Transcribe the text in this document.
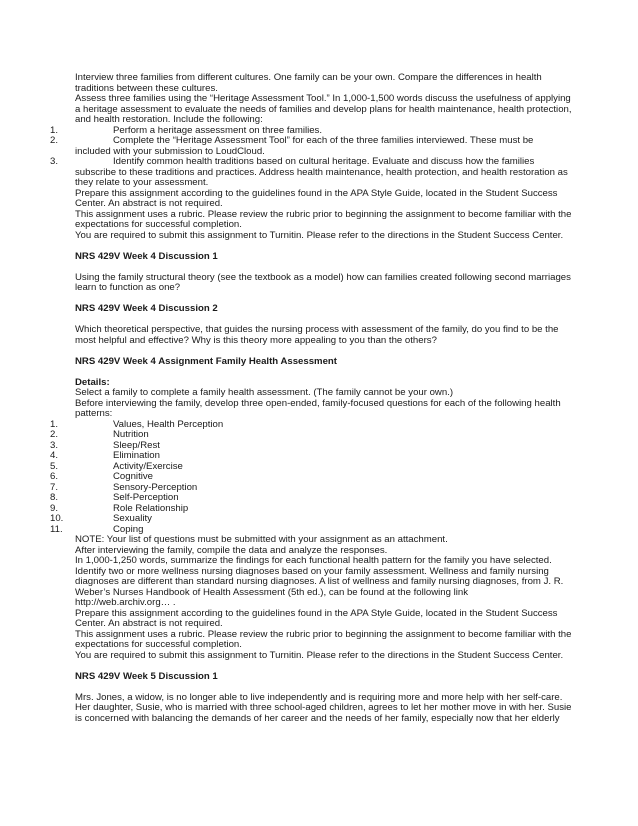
Interview three families from different cultures. One family can be your own. Compare the differences in health traditions between these cultures.

Assess three families using the “Heritage Assessment Tool.” In 1,000-1,500 words discuss the usefulness of applying a heritage assessment to evaluate the needs of families and develop plans for health maintenance, health protection, and health restoration. Include the following:

1.	Perform a heritage assessment on three families.
2.	Complete the “Heritage Assessment Tool” for each of the three families interviewed. These must be
included with your submission to LoudCloud.
3.	Identify common health traditions based on cultural heritage. Evaluate and discuss how the families
subscribe to these traditions and practices. Address health maintenance, health protection, and health restoration as they relate to your assessment.

Prepare this assignment according to the guidelines found in the APA Style Guide, located in the Student Success Center. An abstract is not required.

This assignment uses a rubric. Please review the rubric prior to beginning the assignment to become familiar with the expectations for successful completion.

You are required to submit this assignment to Turnitin. Please refer to the directions in the Student Success Center.

NRS 429V Week 4 Discussion 1

Using the family structural theory (see the textbook as a model) how can families created following second marriages learn to function as one?

NRS 429V Week 4 Discussion 2

Which theoretical perspective, that guides the nursing process with assessment of the family, do you find to be the most helpful and effective? Why is this theory more appealing to you than the others?

NRS 429V Week 4 Assignment Family Health Assessment

Details:

Select a family to complete a family health assessment. (The family cannot be your own.)

Before interviewing the family, develop three open-ended, family-focused questions for each of the following health patterns:

1.	Values, Health Perception
2.	Nutrition
3.	Sleep/Rest
4.	Elimination
5.	Activity/Exercise
6.	Cognitive
7.	Sensory-Perception
8.	Self-Perception
9.	Role Relationship
10.	Sexuality
11.	Coping

NOTE: Your list of questions must be submitted with your assignment as an attachment.

After interviewing the family, compile the data and analyze the responses.

In 1,000-1,250 words, summarize the findings for each functional health pattern for the family you have selected.

Identify two or more wellness nursing diagnoses based on your family assessment. Wellness and family nursing diagnoses are different than standard nursing diagnoses. A list of wellness and family nursing diagnoses, from J. R. Weber’s Nurses Handbook of Health Assessment (5th ed.), can be found at the following link

http://web.archiv.org… .

Prepare this assignment according to the guidelines found in the APA Style Guide, located in the Student Success Center. An abstract is not required.

This assignment uses a rubric. Please review the rubric prior to beginning the assignment to become familiar with the expectations for successful completion.

You are required to submit this assignment to Turnitin. Please refer to the directions in the Student Success Center.

NRS 429V Week 5 Discussion 1

Mrs. Jones, a widow, is no longer able to live independently and is requiring more and more help with her self-care. Her daughter, Susie, who is married with three school-aged children, agrees to let her mother move in with her. Susie is concerned with balancing the demands of her career and the needs of her family, especially now that her elderly
